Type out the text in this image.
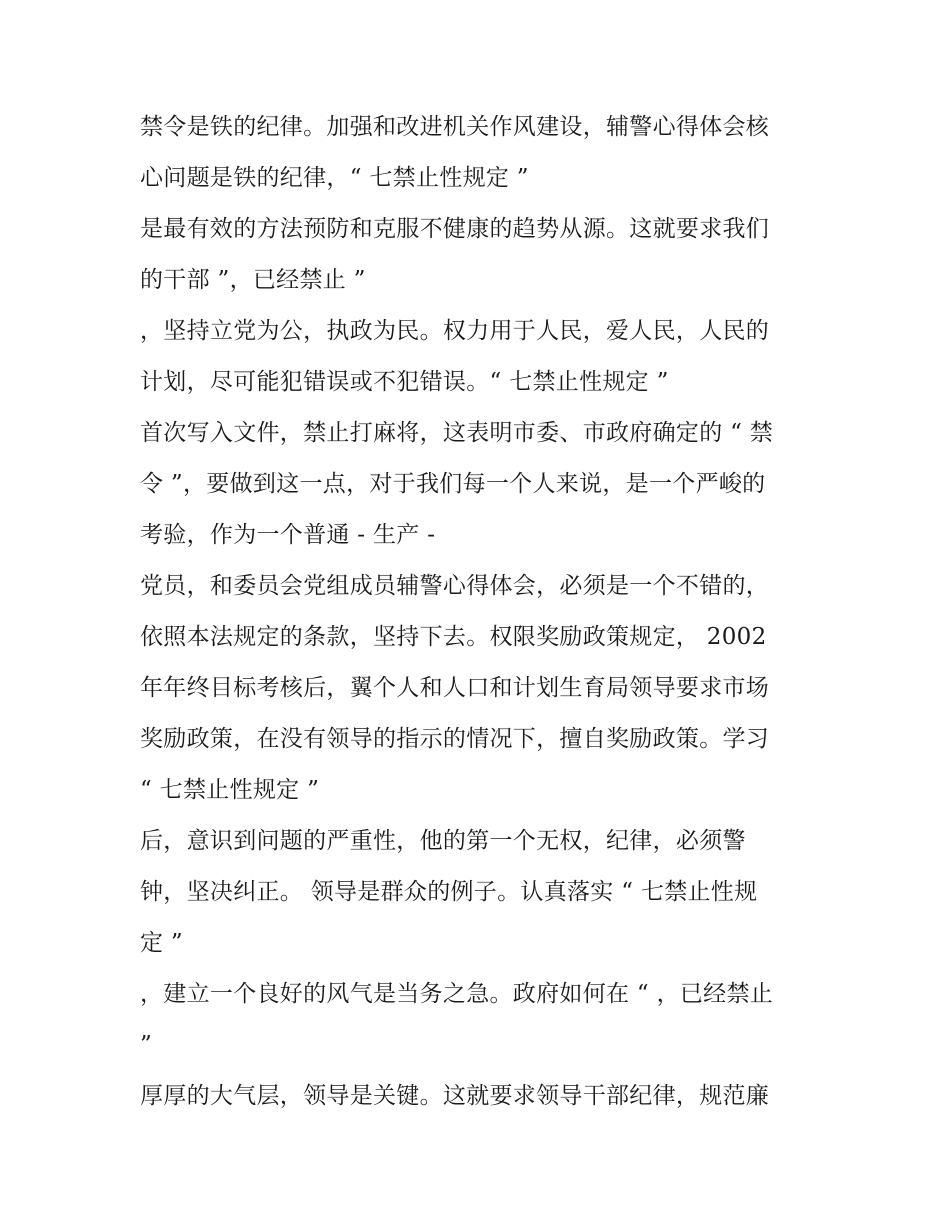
禁令是铁的纪律。加强和改进机关作风建设，辅警心得体会核
心问题是铁的纪律，“ 七禁止性规定 ”
是最有效的方法预防和克服不健康的趋势从源。这就要求我们
的干部 ”，已经禁止 ”
，坚持立党为公，执政为民。权力用于人民，爱人民，人民的
计划，尽可能犯错误或不犯错误。“ 七禁止性规定 ”
首次写入文件，禁止打麻将，这表明市委、市政府确定的 “ 禁
令 ”，要做到这一点，对于我们每一个人来说，是一个严峻的
考验，作为一个普通 - 生产 -
党员，和委员会党组成员辅警心得体会，必须是一个不错的，
依照本法规定的条款，坚持下去。权限奖励政策规定， 2002
年年终目标考核后，翼个人和人口和计划生育局领导要求市场
奖励政策，在没有领导的指示的情况下，擅自奖励政策。学习
“ 七禁止性规定 ”
后，意识到问题的严重性，他的第一个无权，纪律，必须警
钟，坚决纠正。 领导是群众的例子。认真落实 “ 七禁止性规
定 ”
，建立一个良好的风气是当务之急。政府如何在 “ ，已经禁止
”
厚厚的大气层，领导是关键。这就要求领导干部纪律，规范廉
